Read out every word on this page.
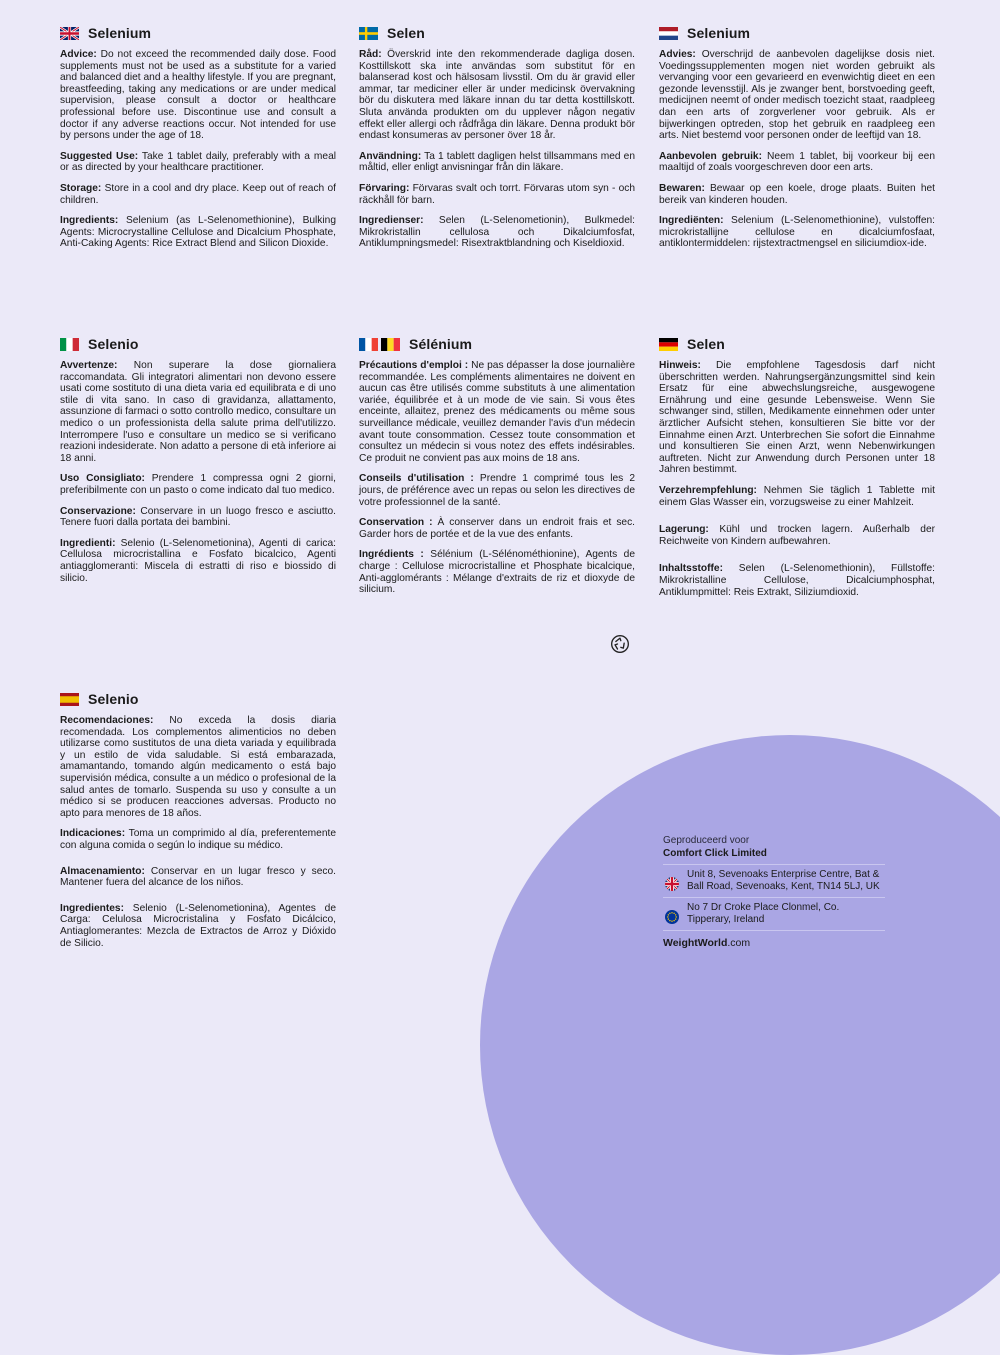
Selenium

Advice: Do not exceed the recommended daily dose. Food supplements must not be used as a substitute for a varied and balanced diet and a healthy lifestyle. If you are pregnant, breastfeeding, taking any medications or are under medical supervision, please consult a doctor or healthcare professional before use. Discontinue use and consult a doctor if any adverse reactions occur. Not intended for use by persons under the age of 18.

Suggested Use: Take 1 tablet daily, preferably with a meal or as directed by your healthcare practitioner.

Storage: Store in a cool and dry place. Keep out of reach of children.

Ingredients: Selenium (as L-Selenomethionine), Bulking Agents: Microcrystalline Cellulose and Dicalcium Phosphate, Anti-Caking Agents: Rice Extract Blend and Silicon Dioxide.

Selen

Råd: Överskrid inte den rekommenderade dagliga dosen. Kosttillskott ska inte användas som substitut för en balanserad kost och hälsosam livsstil. Om du är gravid eller ammar, tar mediciner eller är under medicinsk övervakning bör du diskutera med läkare innan du tar detta kosttillskott. Sluta använda produkten om du upplever någon negativ effekt eller allergi och rådfråga din läkare. Denna produkt bör endast konsumeras av personer över 18 år.

Användning: Ta 1 tablett dagligen helst tillsammans med en måltid, eller enligt anvisningar från din läkare.

Förvaring: Förvaras svalt och torrt. Förvaras utom syn - och räckhåll för barn.

Ingredienser: Selen (L-Selenometionin), Bulkmedel: Mikrokristallin cellulosa och Dikalciumfosfat, Antiklumpningsmedel: Risextraktblandning och Kiseldioxid.

Selenium

Advies: Overschrijd de aanbevolen dagelijkse dosis niet. Voedingssupplementen mogen niet worden gebruikt als vervanging voor een gevarieerd en evenwichtig dieet en een gezonde levensstijl. Als je zwanger bent, borstvoeding geeft, medicijnen neemt of onder medisch toezicht staat, raadpleeg dan een arts of zorgverlener voor gebruik. Als er bijwerkingen optreden, stop het gebruik en raadpleeg een arts. Niet bestemd voor personen onder de leeftijd van 18.

Aanbevolen gebruik: Neem 1 tablet, bij voorkeur bij een maaltijd of zoals voorgeschreven door een arts.

Bewaren: Bewaar op een koele, droge plaats. Buiten het bereik van kinderen houden.

Ingrediënten: Selenium (L-Selenomethionine), vulstoffen: microkristallijne cellulose en dicalciumfosfaat, antiklontermiddelen: rijstextractmengsel en siliciumdiox-ide.

Selenio

Avvertenze: Non superare la dose giornaliera raccomandata. Gli integratori alimentari non devono essere usati come sostituto di una dieta varia ed equilibrata e di uno stile di vita sano. In caso di gravidanza, allattamento, assunzione di farmaci o sotto controllo medico, consultare un medico o un professionista della salute prima dell'utilizzo. Interrompere l'uso e consultare un medico se si verificano reazioni indesiderate. Non adatto a persone di età inferiore ai 18 anni.

Uso Consigliato: Prendere 1 compressa ogni 2 giorni, preferibilmente con un pasto o come indicato dal tuo medico.

Conservazione: Conservare in un luogo fresco e asciutto. Tenere fuori dalla portata dei bambini.

Ingredienti: Selenio (L-Selenometionina), Agenti di carica: Cellulosa microcristallina e Fosfato bicalcico, Agenti antiagglomeranti: Miscela di estratti di riso e biossido di silicio.

Sélénium

Précautions d'emploi : Ne pas dépasser la dose journalière recommandée. Les compléments alimentaires ne doivent en aucun cas être utilisés comme substituts à une alimentation variée, équilibrée et à un mode de vie sain. Si vous êtes enceinte, allaitez, prenez des médicaments ou même sous surveillance médicale, veuillez demander l'avis d'un médecin avant toute consommation. Cessez toute consommation et consultez un médecin si vous notez des effets indésirables. Ce produit ne convient pas aux moins de 18 ans.

Conseils d'utilisation : Prendre 1 comprimé tous les 2 jours, de préférence avec un repas ou selon les directives de votre professionnel de la santé.

Conservation : À conserver dans un endroit frais et sec. Garder hors de portée et de la vue des enfants.

Ingrédients : Sélénium (L-Sélénométhionine), Agents de charge : Cellulose microcristalline et Phosphate bicalcique, Anti-agglomérants : Mélange d'extraits de riz et dioxyde de silicium.

Selen

Hinweis: Die empfohlene Tagesdosis darf nicht überschritten werden. Nahrungsergänzungsmittel sind kein Ersatz für eine abwechslungsreiche, ausgewogene Ernährung und eine gesunde Lebensweise. Wenn Sie schwanger sind, stillen, Medikamente einnehmen oder unter ärztlicher Aufsicht stehen, konsultieren Sie bitte vor der Einnahme einen Arzt. Unterbrechen Sie sofort die Einnahme und konsultieren Sie einen Arzt, wenn Nebenwirkungen auftreten. Nicht zur Anwendung durch Personen unter 18 Jahren bestimmt.

Verzehrempfehlung: Nehmen Sie täglich 1 Tablette mit einem Glas Wasser ein, vorzugsweise zu einer Mahlzeit.

Lagerung: Kühl und trocken lagern. Außerhalb der Reichweite von Kindern aufbewahren.

Inhaltsstoffe: Selen (L-Selenomethionin), Füllstoffe: Mikrokristalline Cellulose, Dicalciumphosphat, Antiklumpmittel: Reis Extrakt, Siliziumdioxid.

Selenio

Recomendaciones: No exceda la dosis diaria recomendada. Los complementos alimenticios no deben utilizarse como sustitutos de una dieta variada y equilibrada y un estilo de vida saludable. Si está embarazada, amamantando, tomando algún medicamento o está bajo supervisión médica, consulte a un médico o profesional de la salud antes de tomarlo. Suspenda su uso y consulte a un médico si se producen reacciones adversas. Producto no apto para menores de 18 años.

Indicaciones: Toma un comprimido al día, preferentemente con alguna comida o según lo indique su médico.

Almacenamiento: Conservar en un lugar fresco y seco. Mantener fuera del alcance de los niños.

Ingredientes: Selenio (L-Selenometionina), Agentes de Carga: Celulosa Microcristalina y Fosfato Dicálcico, Antiaglomerantes: Mezcla de Extractos de Arroz y Dióxido de Silicio.

Geproduceerd voor
Comfort Click Limited
Unit 8, Sevenoaks Enterprise Centre, Bat & Ball Road, Sevenoaks, Kent, TN14 5LJ, UK
No 7 Dr Croke Place Clonmel, Co. Tipperary, Ireland
WeightWorld.com
